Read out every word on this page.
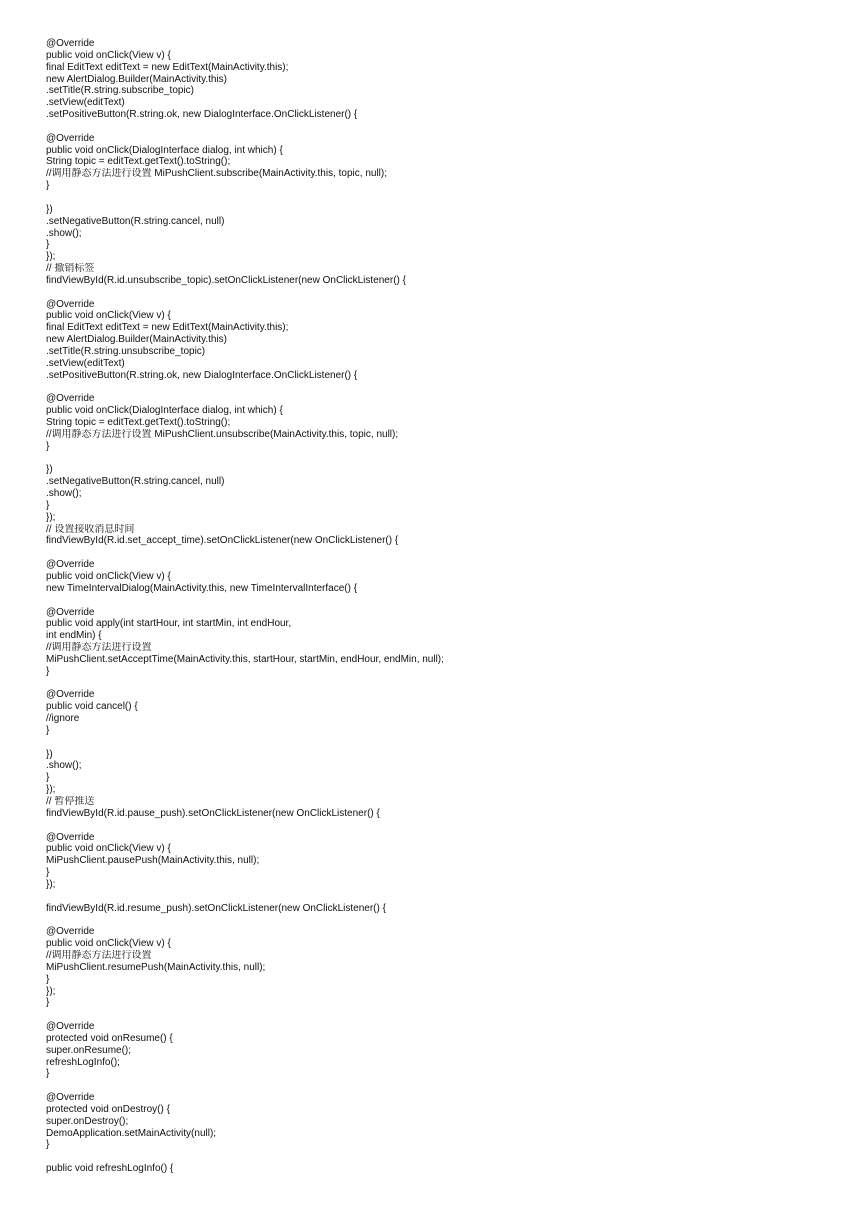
@Override
public void onClick(View v) {
final EditText editText = new EditText(MainActivity.this);
new AlertDialog.Builder(MainActivity.this)
.setTitle(R.string.subscribe_topic)
.setView(editText)
.setPositiveButton(R.string.ok, new DialogInterface.OnClickListener() {
@Override
public void onClick(DialogInterface dialog, int which) {
String topic = editText.getText().toString();
//调用静态方法进行设置 MiPushClient.subscribe(MainActivity.this, topic, null);
}
})
.setNegativeButton(R.string.cancel, null)
.show();
}
});
// 撤销标签
findViewById(R.id.unsubscribe_topic).setOnClickListener(new OnClickListener() {
@Override
public void onClick(View v) {
final EditText editText = new EditText(MainActivity.this);
new AlertDialog.Builder(MainActivity.this)
.setTitle(R.string.unsubscribe_topic)
.setView(editText)
.setPositiveButton(R.string.ok, new DialogInterface.OnClickListener() {
@Override
public void onClick(DialogInterface dialog, int which) {
String topic = editText.getText().toString();
//调用静态方法进行设置 MiPushClient.unsubscribe(MainActivity.this, topic, null);
}
})
.setNegativeButton(R.string.cancel, null)
.show();
}
});
// 设置接收消息时间
findViewById(R.id.set_accept_time).setOnClickListener(new OnClickListener() {
@Override
public void onClick(View v) {
new TimeIntervalDialog(MainActivity.this, new TimeIntervalInterface() {
@Override
public void apply(int startHour, int startMin, int endHour,
int endMin) {
//调用静态方法进行设置
MiPushClient.setAcceptTime(MainActivity.this, startHour, startMin, endHour, endMin, null);
}
@Override
public void cancel() {
//ignore
}
})
.show();
}
});
// 暂停推送
findViewById(R.id.pause_push).setOnClickListener(new OnClickListener() {
@Override
public void onClick(View v) {
MiPushClient.pausePush(MainActivity.this, null);
}
});
findViewById(R.id.resume_push).setOnClickListener(new OnClickListener() {
@Override
public void onClick(View v) {
//调用静态方法进行设置
MiPushClient.resumePush(MainActivity.this, null);
}
});
}
@Override
protected void onResume() {
super.onResume();
refreshLogInfo();
}
@Override
protected void onDestroy() {
super.onDestroy();
DemoApplication.setMainActivity(null);
}
public void refreshLogInfo() {
